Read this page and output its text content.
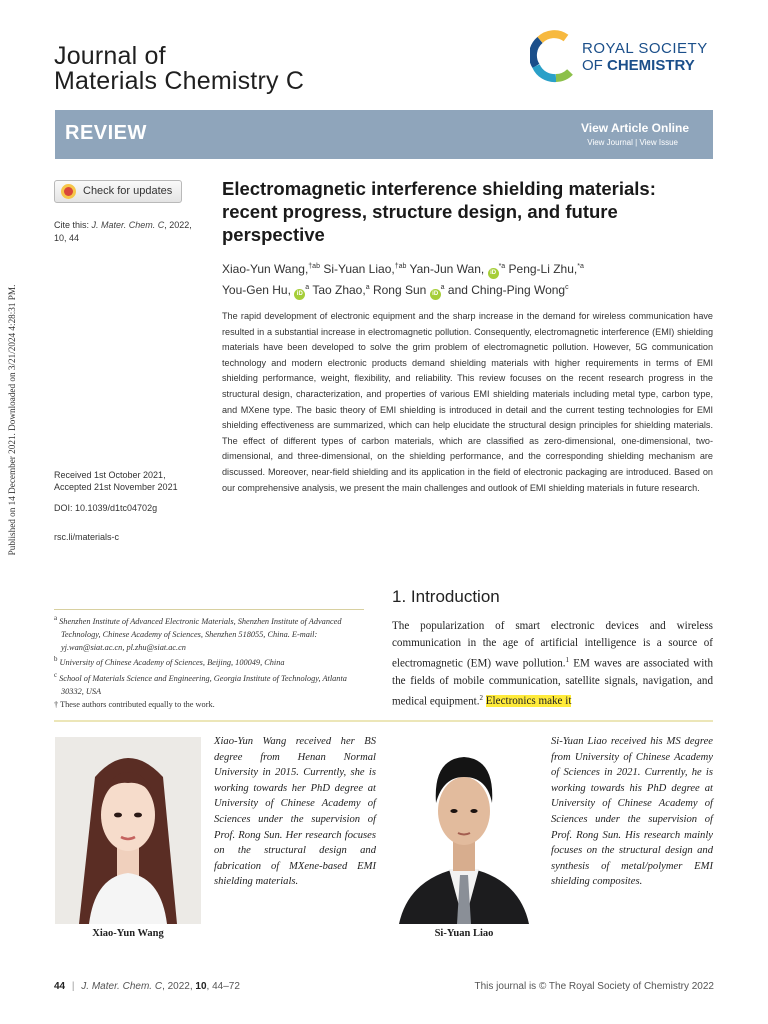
Published on 14 December 2021. Downloaded on 3/21/2024 4:28:31 PM.
Journal of
Materials Chemistry C
ROYAL SOCIETY
OF CHEMISTRY
REVIEW	View Article Online
View Journal | View Issue
Check for updates
Cite this: J. Mater. Chem. C, 2022,
10, 44
Received 1st October 2021,
Accepted 21st November 2021
DOI: 10.1039/d1tc04702g
rsc.li/materials-c
Electromagnetic interference shielding materials: recent progress, structure design, and future perspective
Xiao-Yun Wang,$^{\dagger ab}$ Si-Yuan Liao,$^{\dagger ab}$ Yan-Jun Wan, $iD^{*a}$ Peng-Li Zhu,$^{*a}$
You-Gen Hu, $iD^a$ Tao Zhao,$^a$ Rong Sun $iD^a$ and Ching-Ping Wong$^c$
The rapid development of electronic equipment and the sharp increase in the demand for wireless communication have resulted in a substantial increase in electromagnetic pollution. Consequently, electromagnetic interference (EMI) shielding materials have been developed to solve the grim problem of electromagnetic pollution. However, 5G communication technology and modern electronic products demand shielding materials with higher requirements in terms of EMI shielding performance, weight, flexibility, and reliability. This review focuses on the recent research progress in the structural design, characterization, and properties of various EMI shielding materials including metal type, carbon type, and MXene type. The basic theory of EMI shielding is introduced in detail and the current testing technologies for EMI shielding effectiveness are summarized, which can help elucidate the structural design principles for shielding materials. The effect of different types of carbon materials, which are classified as zero-dimensional, one-dimensional, two-dimensional, and three-dimensional, on the shielding performance, and the corresponding shielding mechanism are discussed. Moreover, near-field shielding and its application in the field of electronic packaging are introduced. Based on our comprehensive analysis, we present the main challenges and outlook of EMI shielding materials in future research.
$^a$ Shenzhen Institute of Advanced Electronic Materials, Shenzhen Institute of Advanced Technology, Chinese Academy of Sciences, Shenzhen 518055, China. E-mail: yj.wan@siat.ac.cn, pl.zhu@siat.ac.cn
$^b$ University of Chinese Academy of Sciences, Beijing, 100049, China
$^c$ School of Materials Science and Engineering, Georgia Institute of Technology, Atlanta 30332, USA
† These authors contributed equally to the work.
1. Introduction
The popularization of smart electronic devices and wireless communication in the age of artificial intelligence is a source of electromagnetic (EM) wave pollution.$^1$ EM waves are associated with the fields of mobile communication, satellite signals, navigation, and medical equipment.$^2$ Electronics make it
Xiao-Yun Wang
Xiao-Yun Wang received her BS degree from Henan Normal University in 2015. Currently, she is working towards her PhD degree at University of Chinese Academy of Sciences under the supervision of Prof. Rong Sun. Her research focuses on the structural design and fabrication of MXene-based EMI shielding materials.
Si-Yuan Liao
Si-Yuan Liao received his MS degree from University of Chinese Academy of Sciences in 2021. Currently, he is working towards his PhD degree at University of Chinese Academy of Sciences under the supervision of Prof. Rong Sun. His research mainly focuses on the structural design and synthesis of metal/polymer EMI shielding composites.
44 | J. Mater. Chem. C, 2022, 10, 44–72	This journal is © The Royal Society of Chemistry 2022
